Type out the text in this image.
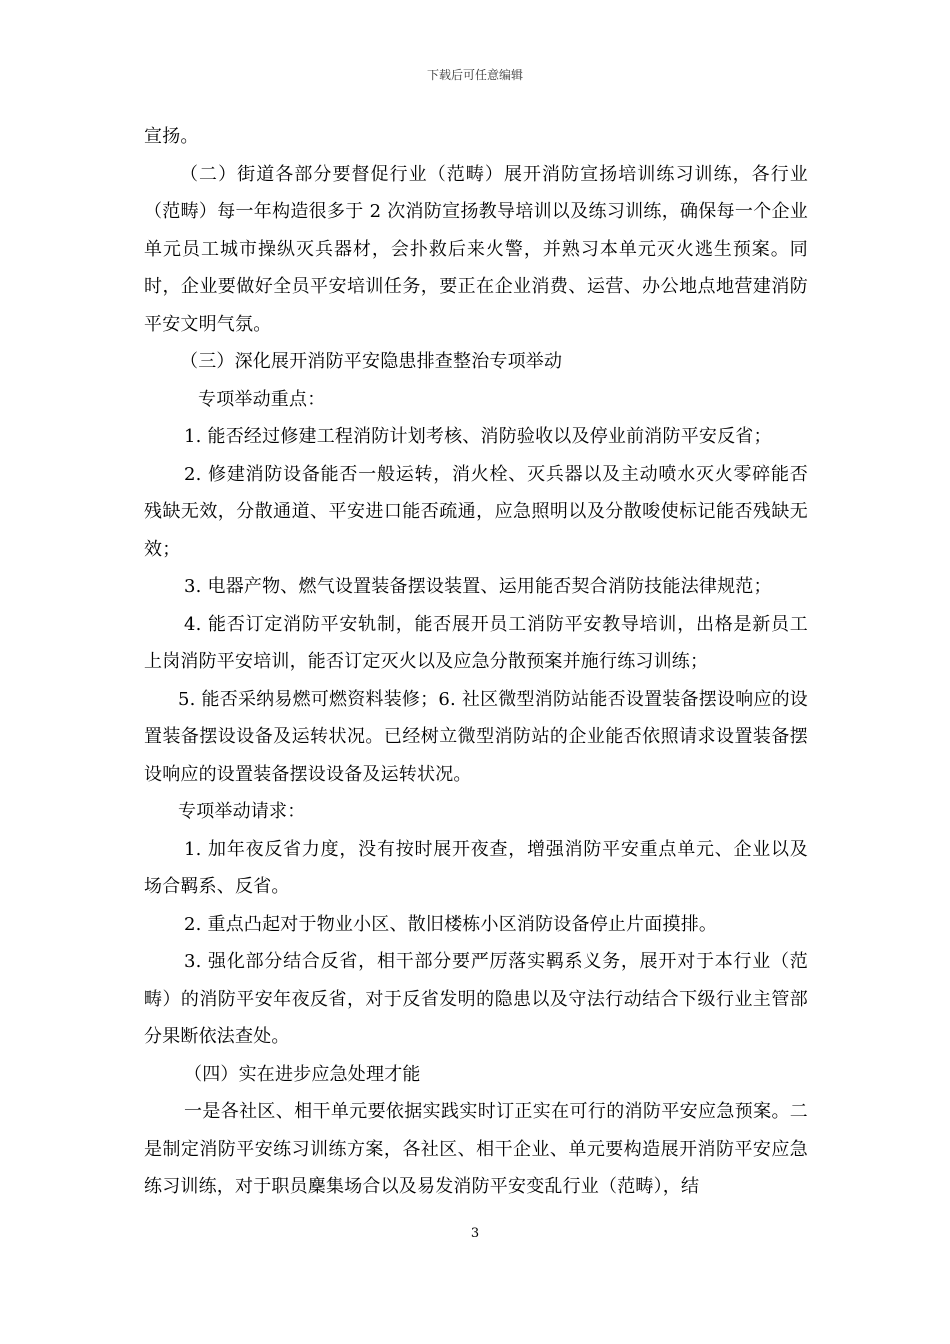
下载后可任意编辑

宣扬。

（二）街道各部分要督促行业（范畴）展开消防宣扬培训练习训练，各行业（范畴）每一年构造很多于 2 次消防宣扬教导培训以及练习训练，确保每一个企业单元员工城市操纵灭兵器材，会扑救后来火警，并熟习本单元灭火逃生预案。同时，企业要做好全员平安培训任务，要正在企业消费、运营、办公地点地营建消防平安文明气氛。

（三）深化展开消防平安隐患排查整治专项举动

专项举动重点：

1. 能否经过修建工程消防计划考核、消防验收以及停业前消防平安反省；

2. 修建消防设备能否一般运转，消火栓、灭兵器以及主动喷水灭火零碎能否残缺无效，分散通道、平安进口能否疏通，应急照明以及分散唆使标记能否残缺无效；

3. 电器产物、燃气设置装备摆设装置、运用能否契合消防技能法律规范；

4. 能否订定消防平安轨制，能否展开员工消防平安教导培训，出格是新员工上岗消防平安培训，能否订定灭火以及应急分散预案并施行练习训练；

5. 能否采纳易燃可燃资料装修；6. 社区微型消防站能否设置装备摆设响应的设置装备摆设设备及运转状况。已经树立微型消防站的企业能否依照请求设置装备摆设响应的设置装备摆设设备及运转状况。

专项举动请求：

1. 加年夜反省力度，没有按时展开夜查，增强消防平安重点单元、企业以及场合羁系、反省。

2. 重点凸起对于物业小区、散旧楼栋小区消防设备停止片面摸排。

3. 强化部分结合反省，相干部分要严厉落实羁系义务，展开对于本行业（范畴）的消防平安年夜反省，对于反省发明的隐患以及守法行动结合下级行业主管部分果断依法查处。

（四）实在进步应急处理才能

一是各社区、相干单元要依据实践实时订正实在可行的消防平安应急预案。二是制定消防平安练习训练方案，各社区、相干企业、单元要构造展开消防平安应急练习训练，对于职员麇集场合以及易发消防平安变乱行业（范畴），结

3
